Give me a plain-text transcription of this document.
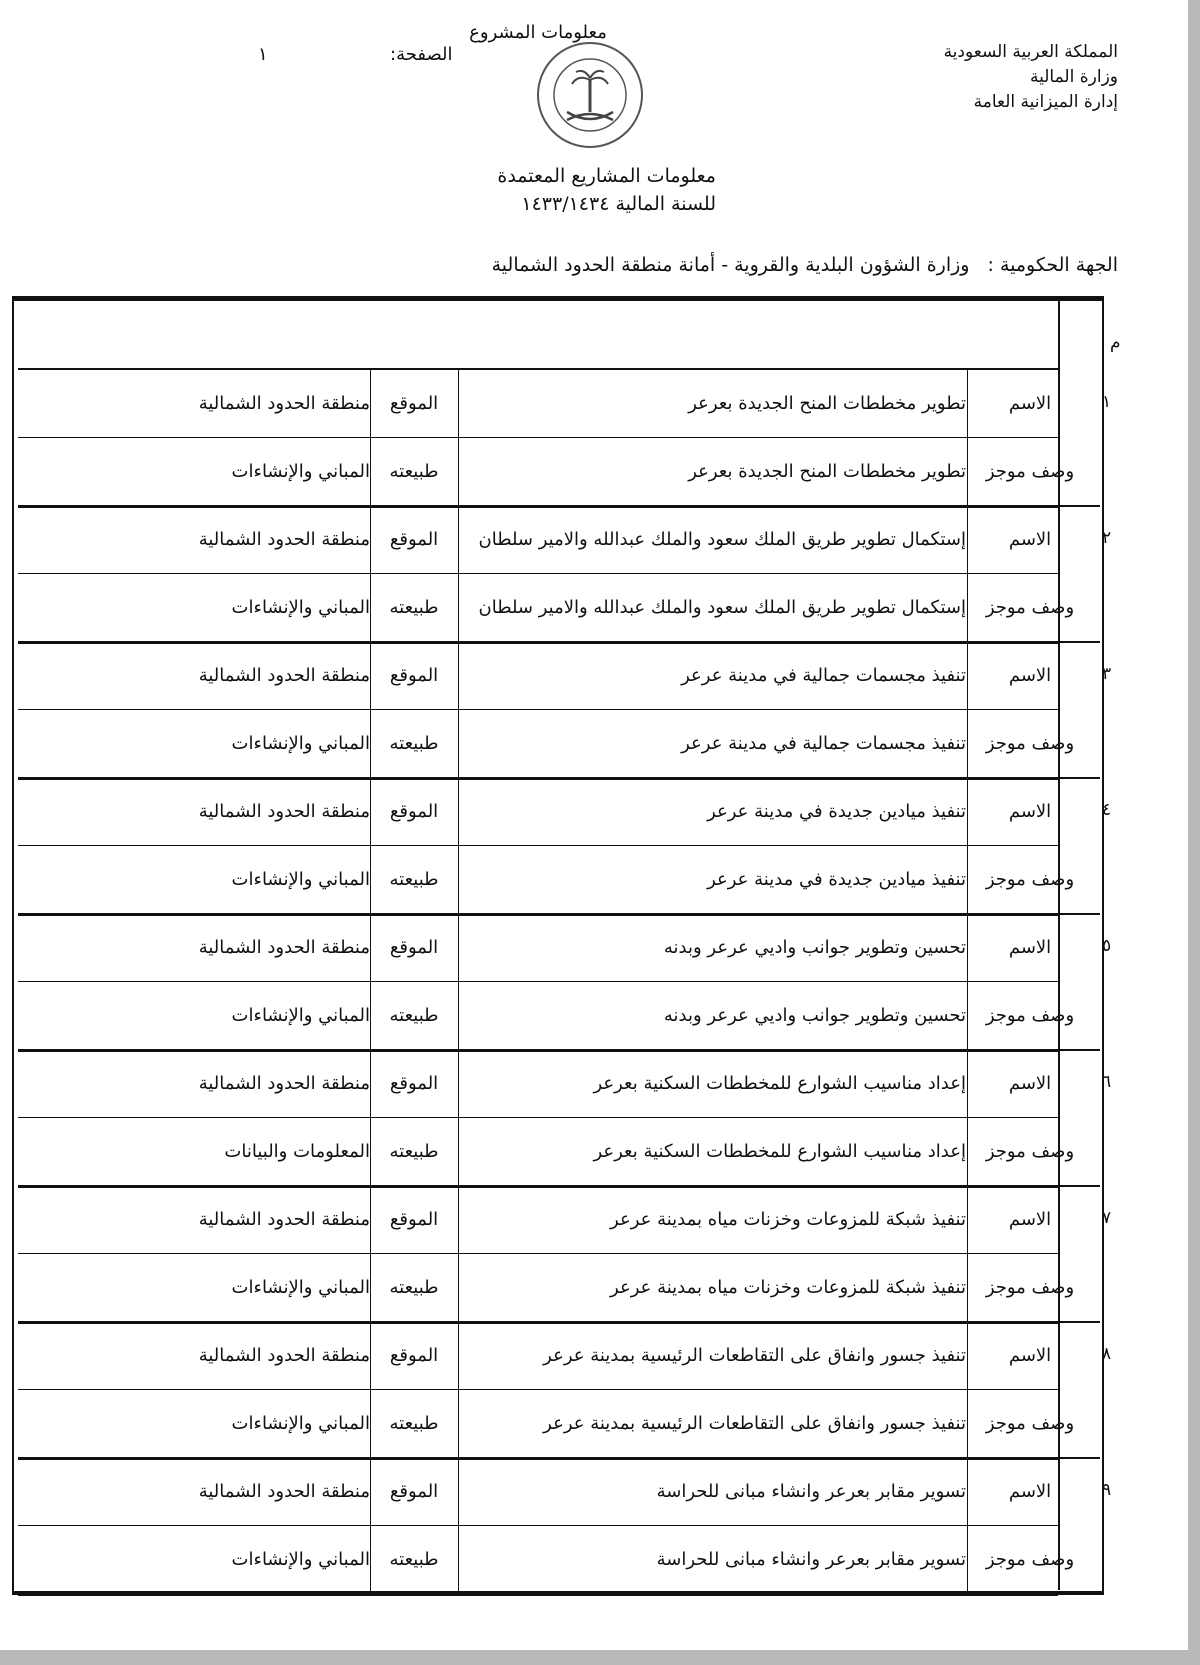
المملكة العربية السعودية
وزارة المالية
إدارة الميزانية العامة
الصفحة:
١
معلومات المشاريع المعتمدة
للسنة المالية ١٤٣٣/١٤٣٤
الجهة الحكومية :وزارة الشؤون البلدية والقروية - أمانة منطقة الحدود الشمالية
معلومات المشروع
م
الاسم
تطوير مخططات المنح الجديدة بعرعر
الموقع
منطقة الحدود الشمالية
وصف موجز
تطوير مخططات المنح الجديدة بعرعر
طبيعته
المباني والإنشاءات
١
الاسم
إستكمال تطوير طريق الملك سعود والملك عبدالله والامير سلطان
الموقع
منطقة الحدود الشمالية
وصف موجز
إستكمال تطوير طريق الملك سعود والملك عبدالله والامير سلطان
طبيعته
المباني والإنشاءات
٢
الاسم
تنفيذ مجسمات جمالية في مدينة عرعر
الموقع
منطقة الحدود الشمالية
وصف موجز
تنفيذ مجسمات جمالية في مدينة عرعر
طبيعته
المباني والإنشاءات
٣
الاسم
تنفيذ ميادين جديدة في مدينة عرعر
الموقع
منطقة الحدود الشمالية
وصف موجز
تنفيذ ميادين جديدة في مدينة عرعر
طبيعته
المباني والإنشاءات
٤
الاسم
تحسين وتطوير جوانب واديي عرعر وبدنه
الموقع
منطقة الحدود الشمالية
وصف موجز
تحسين وتطوير جوانب واديي عرعر وبدنه
طبيعته
المباني والإنشاءات
٥
الاسم
إعداد مناسيب الشوارع للمخططات السكنية بعرعر
الموقع
منطقة الحدود الشمالية
وصف موجز
إعداد مناسيب الشوارع للمخططات السكنية بعرعر
طبيعته
المعلومات والبيانات
٦
الاسم
تنفيذ شبكة للمزوعات وخزنات مياه بمدينة عرعر
الموقع
منطقة الحدود الشمالية
وصف موجز
تنفيذ شبكة للمزوعات وخزنات مياه بمدينة عرعر
طبيعته
المباني والإنشاءات
٧
الاسم
تنفيذ جسور وانفاق على التقاطعات الرئيسية بمدينة عرعر
الموقع
منطقة الحدود الشمالية
وصف موجز
تنفيذ جسور وانفاق على التقاطعات الرئيسية بمدينة عرعر
طبيعته
المباني والإنشاءات
٨
الاسم
تسوير مقابر بعرعر وانشاء مبانى للحراسة
الموقع
منطقة الحدود الشمالية
وصف موجز
تسوير مقابر بعرعر وانشاء مبانى للحراسة
طبيعته
المباني والإنشاءات
٩
